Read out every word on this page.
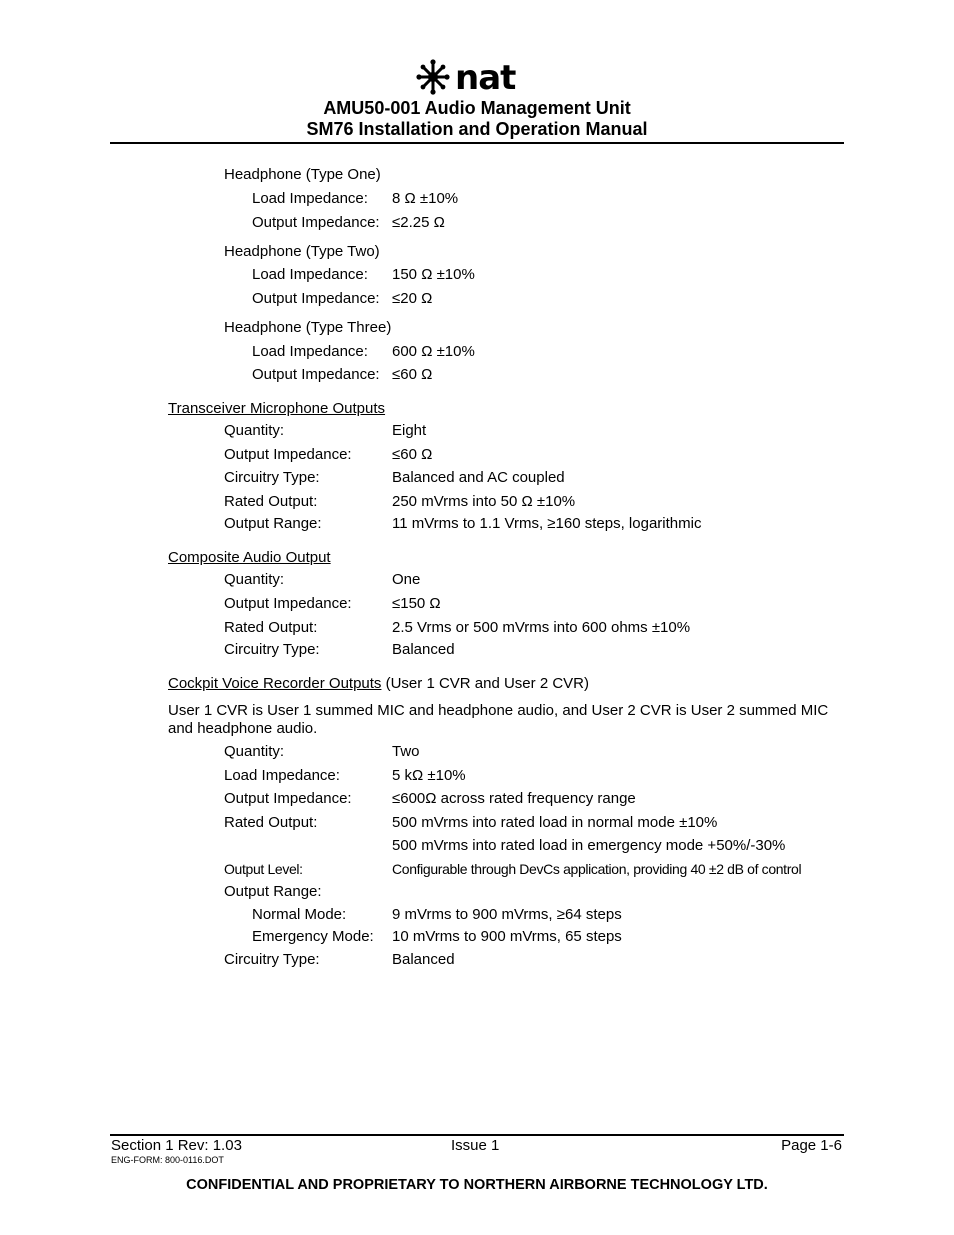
nat
AMU50-001 Audio Management Unit
SM76 Installation and Operation Manual
Headphone (Type One)
Load Impedance: 8 Ω ±10%
Output Impedance: ≤2.25 Ω
Headphone (Type Two)
Load Impedance: 150 Ω ±10%
Output Impedance: ≤20 Ω
Headphone (Type Three)
Load Impedance: 600 Ω ±10%
Output Impedance: ≤60 Ω
Transceiver Microphone Outputs
Quantity:	Eight
Output Impedance:	≤60 Ω
Circuitry Type:	Balanced and AC coupled
Rated Output:	250 mVrms into 50 Ω ±10%
Output Range:	11 mVrms to 1.1 Vrms, ≥160 steps, logarithmic
Composite Audio Output
Quantity:	One
Output Impedance:	≤150 Ω
Rated Output:	2.5 Vrms or 500 mVrms into 600 ohms ±10%
Circuitry Type:	Balanced
Cockpit Voice Recorder Outputs (User 1 CVR and User 2 CVR)
User 1 CVR is User 1 summed MIC and headphone audio, and User 2 CVR is User 2 summed MIC and headphone audio.
Quantity:	Two
Load Impedance:	5 kΩ ±10%
Output Impedance:	≤600Ω across rated frequency range
Rated Output:	500 mVrms into rated load in normal mode ±10%
500 mVrms into rated load in emergency mode +50%/-30%
Output Level:	Configurable through DevCs application, providing 40 ±2 dB of control
Output Range:
Normal Mode:	9 mVrms to 900 mVrms, ≥64 steps
Emergency Mode: 10 mVrms to 900 mVrms, 65 steps
Circuitry Type:	Balanced
Section 1 Rev: 1.03	Issue 1	Page 1-6
ENG-FORM: 800-0116.DOT
CONFIDENTIAL AND PROPRIETARY TO NORTHERN AIRBORNE TECHNOLOGY LTD.
